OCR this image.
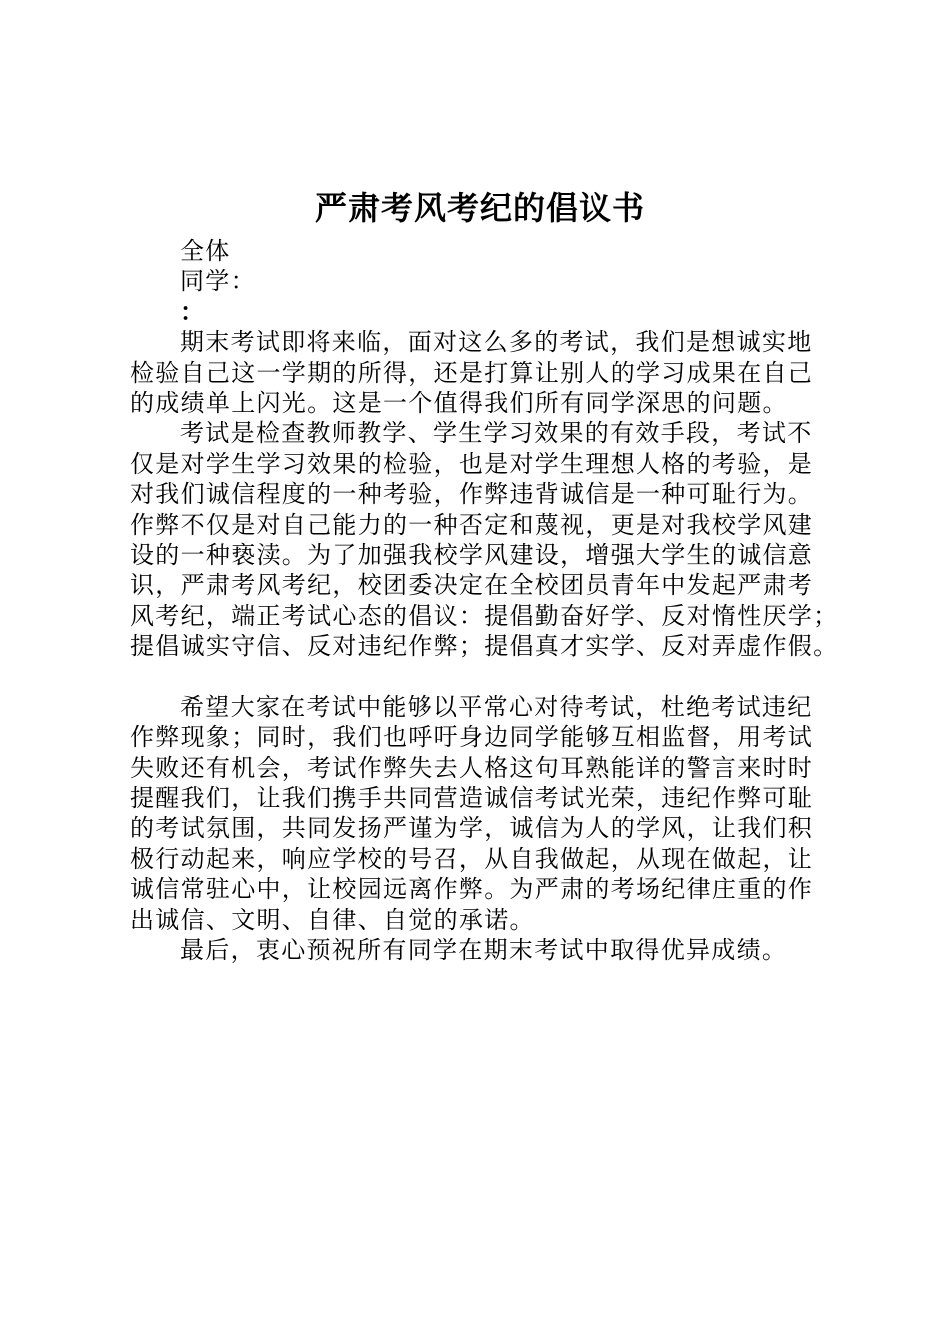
严肃考风考纪的倡议书
全体
同学：
：
期末考试即将来临，面对这么多的考试，我们是想诚实地
检验自己这一学期的所得，还是打算让别人的学习成果在自己
的成绩单上闪光。这是一个值得我们所有同学深思的问题。
考试是检查教师教学、学生学习效果的有效手段，考试不
仅是对学生学习效果的检验，也是对学生理想人格的考验，是
对我们诚信程度的一种考验，作弊违背诚信是一种可耻行为。
作弊不仅是对自己能力的一种否定和蔑视，更是对我校学风建
设的一种亵渎。为了加强我校学风建设，增强大学生的诚信意
识，严肃考风考纪，校团委决定在全校团员青年中发起严肃考
风考纪，端正考试心态的倡议：提倡勤奋好学、反对惰性厌学；
提倡诚实守信、反对违纪作弊；提倡真才实学、反对弄虚作假。
希望大家在考试中能够以平常心对待考试，杜绝考试违纪
作弊现象；同时，我们也呼吁身边同学能够互相监督，用考试
失败还有机会，考试作弊失去人格这句耳熟能详的警言来时时
提醒我们，让我们携手共同营造诚信考试光荣，违纪作弊可耻
的考试氛围，共同发扬严谨为学，诚信为人的学风，让我们积
极行动起来，响应学校的号召，从自我做起，从现在做起，让
诚信常驻心中，让校园远离作弊。为严肃的考场纪律庄重的作
出诚信、文明、自律、自觉的承诺。
最后，衷心预祝所有同学在期末考试中取得优异成绩。
